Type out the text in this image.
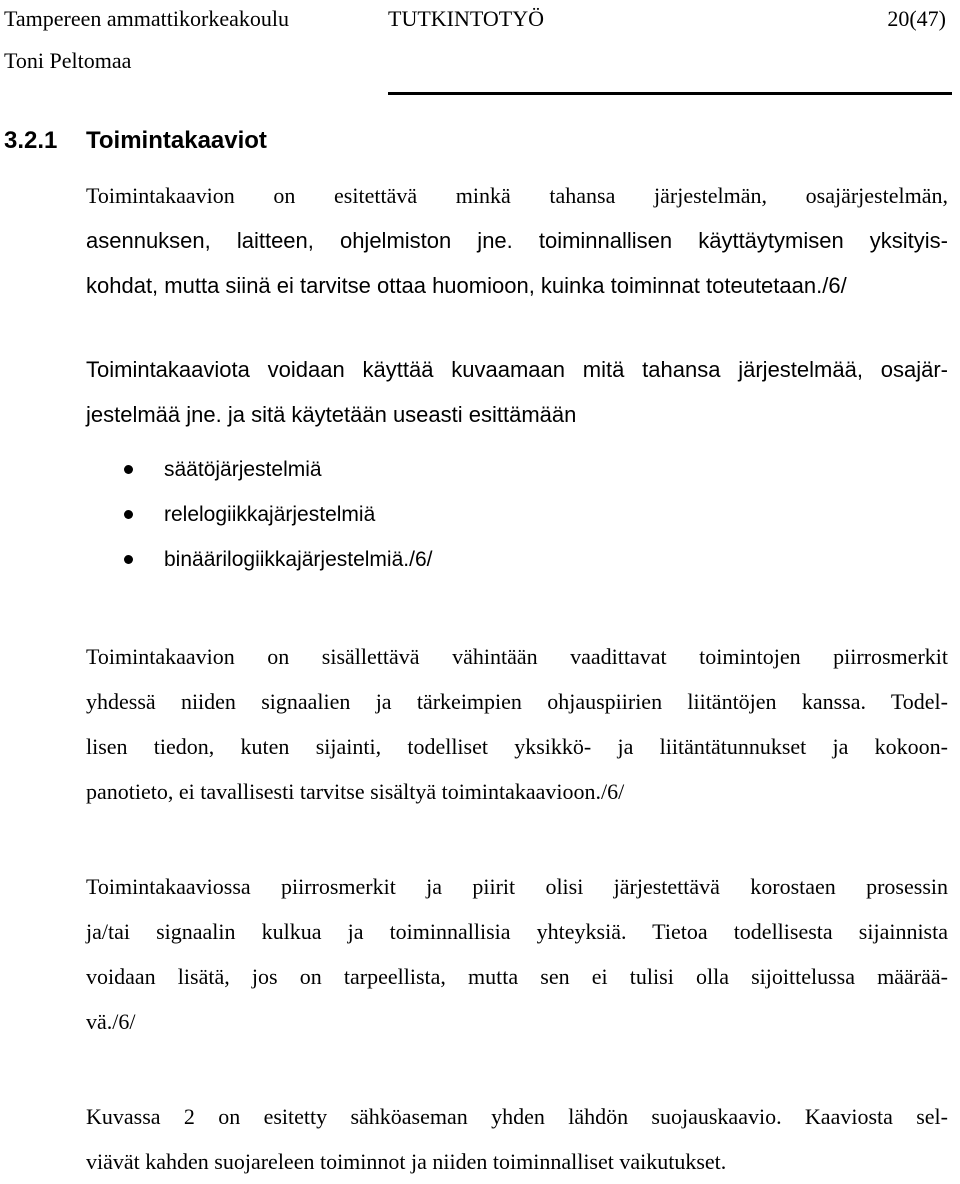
Tampereen ammattikorkeakoulu	TUTKINTOTYÖ	20(47)
Toni Peltomaa
3.2.1 Toimintakaaviot
Toimintakaavion on esitettävä minkä tahansa järjestelmän, osajärjestelmän,
asennuksen, laitteen, ohjelmiston jne. toiminnallisen käyttäytymisen yksityis-
kohdat, mutta siinä ei tarvitse ottaa huomioon, kuinka toiminnat toteutetaan./6/
Toimintakaaviota voidaan käyttää kuvaamaan mitä tahansa järjestelmää, osajär-
jestelmää jne. ja sitä käytetään useasti esittämään
säätöjärjestelmiä
relelogiikkajärjestelmiä
binäärilogiikkajärjestelmiä./6/
Toimintakaavion on sisällettävä vähintään vaadittavat toimintojen piirrosmerkit
yhdessä niiden signaalien ja tärkeimpien ohjauspiirien liitäntöjen kanssa. Todel-
lisen tiedon, kuten sijainti, todelliset yksikkö- ja liitäntätunnukset ja kokoon-
panotieto, ei tavallisesti tarvitse sisältyä toimintakaavioon./6/
Toimintakaaviossa piirrosmerkit ja piirit olisi järjestettävä korostaen prosessin
ja/tai signaalin kulkua ja toiminnallisia yhteyksiä. Tietoa todellisesta sijainnista
voidaan lisätä, jos on tarpeellista, mutta sen ei tulisi olla sijoittelussa määrää-
vä./6/
Kuvassa 2 on esitetty sähköaseman yhden lähdön suojauskaavio. Kaaviosta sel-
viävät kahden suojareleen toiminnot ja niiden toiminnalliset vaikutukset.
